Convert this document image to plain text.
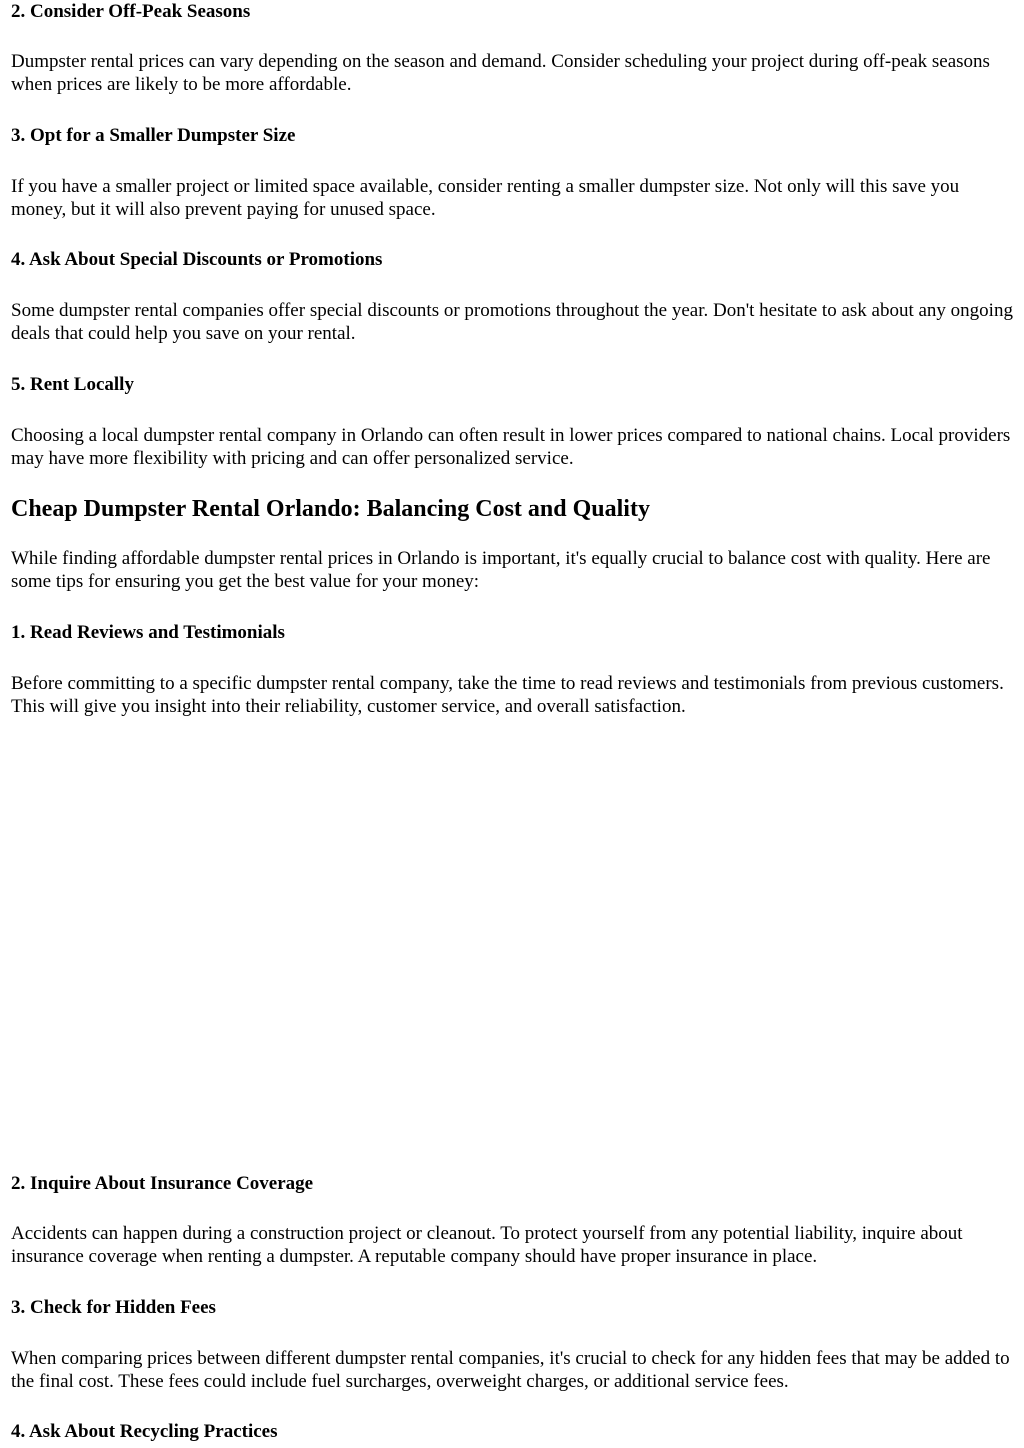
2. Consider Off-Peak Seasons

Dumpster rental prices can vary depending on the season and demand. Consider scheduling your project during off-peak seasons when prices are likely to be more affordable.

3. Opt for a Smaller Dumpster Size

If you have a smaller project or limited space available, consider renting a smaller dumpster size. Not only will this save you money, but it will also prevent paying for unused space.

4. Ask About Special Discounts or Promotions

Some dumpster rental companies offer special discounts or promotions throughout the year. Don't hesitate to ask about any ongoing deals that could help you save on your rental.

5. Rent Locally

Choosing a local dumpster rental company in Orlando can often result in lower prices compared to national chains. Local providers may have more flexibility with pricing and can offer personalized service.

Cheap Dumpster Rental Orlando: Balancing Cost and Quality

While finding affordable dumpster rental prices in Orlando is important, it's equally crucial to balance cost with quality. Here are some tips for ensuring you get the best value for your money:

1. Read Reviews and Testimonials

Before committing to a specific dumpster rental company, take the time to read reviews and testimonials from previous customers. This will give you insight into their reliability, customer service, and overall satisfaction.

2. Inquire About Insurance Coverage

Accidents can happen during a construction project or cleanout. To protect yourself from any potential liability, inquire about insurance coverage when renting a dumpster. A reputable company should have proper insurance in place.

3. Check for Hidden Fees

When comparing prices between different dumpster rental companies, it's crucial to check for any hidden fees that may be added to the final cost. These fees could include fuel surcharges, overweight charges, or additional service fees.

4. Ask About Recycling Practices
